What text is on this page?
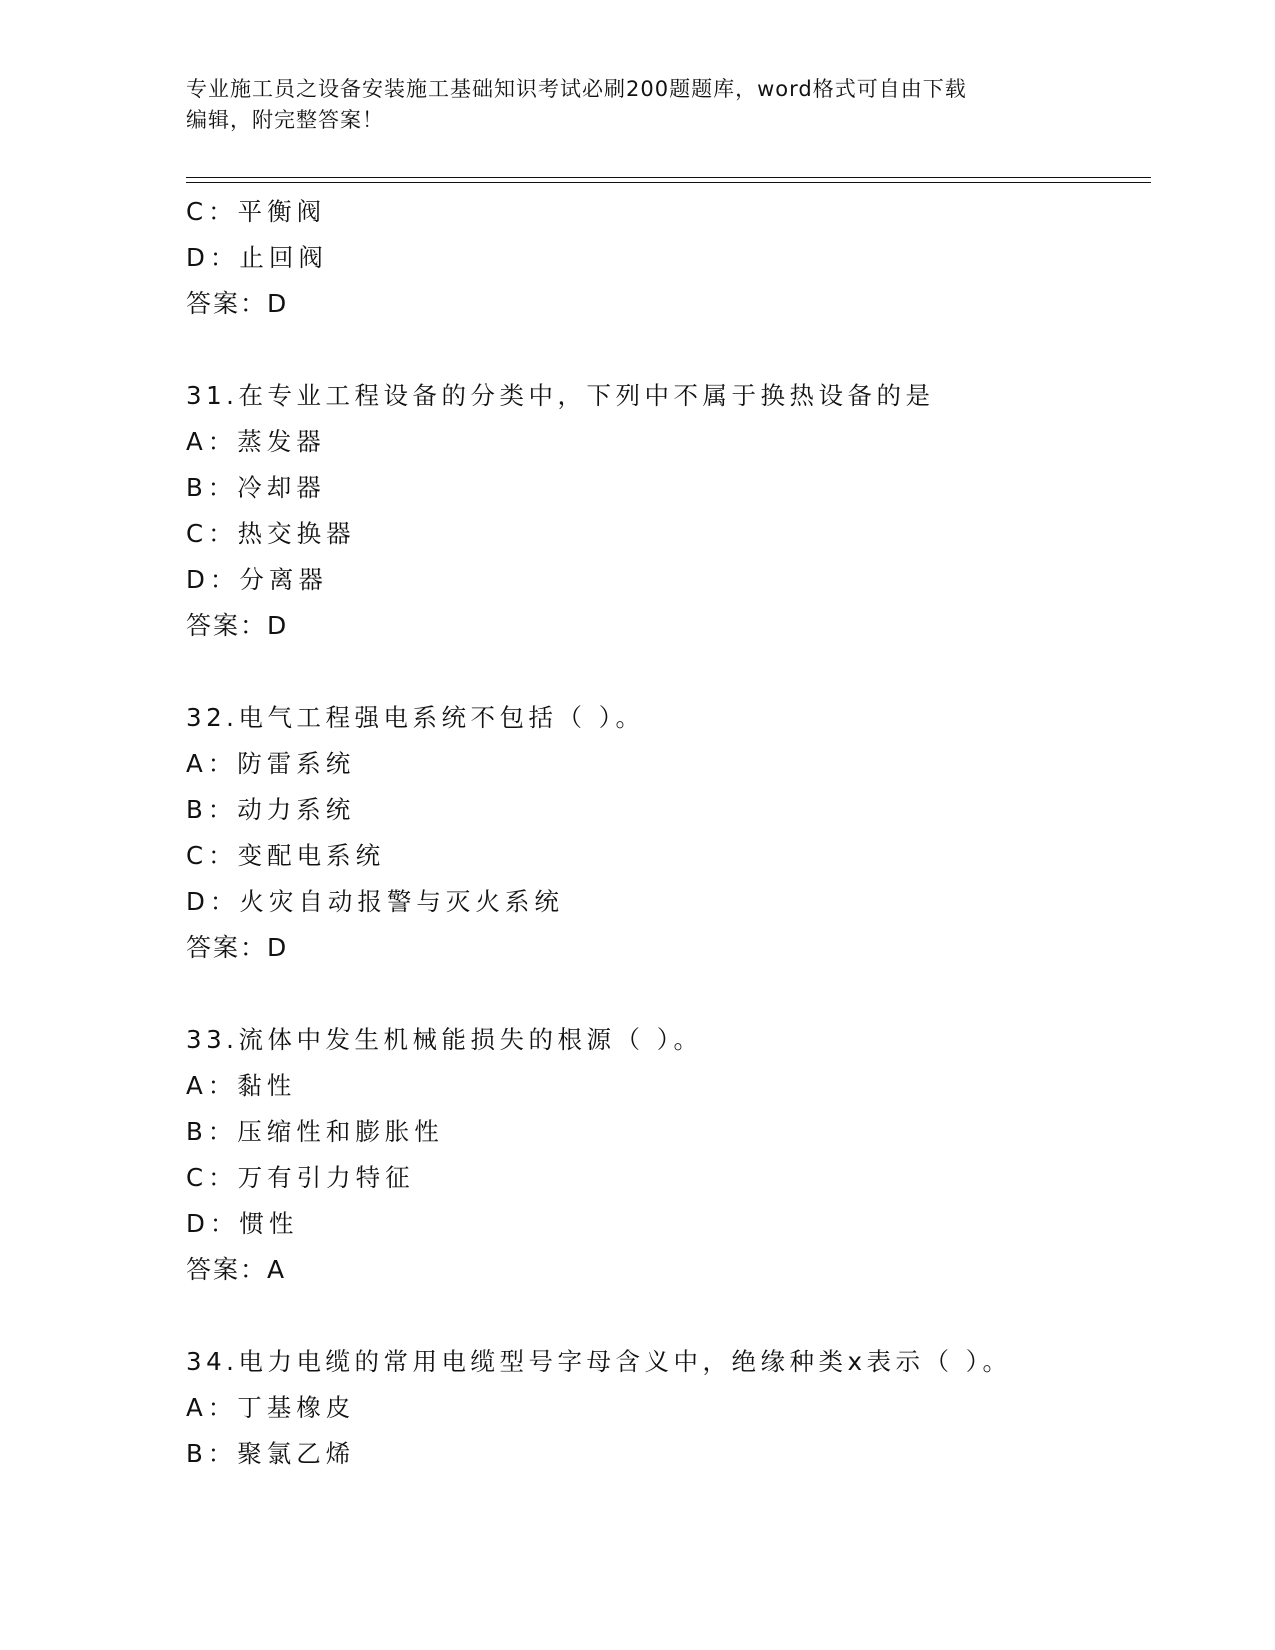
专业施工员之设备安装施工基础知识考试必刷200题题库，word格式可自由下载
编辑，附完整答案！
C：平衡阀
D：止回阀
答案：D
31.在专业工程设备的分类中，下列中不属于换热设备的是
A：蒸发器
B：冷却器
C：热交换器
D：分离器
答案：D
32.电气工程强电系统不包括（ ）。
A：防雷系统
B：动力系统
C：变配电系统
D：火灾自动报警与灭火系统
答案：D
33.流体中发生机械能损失的根源（ ）。
A：黏性
B：压缩性和膨胀性
C：万有引力特征
D：惯性
答案：A
34.电力电缆的常用电缆型号字母含义中，绝缘种类x表示（ ）。
A：丁基橡皮
B：聚氯乙烯
